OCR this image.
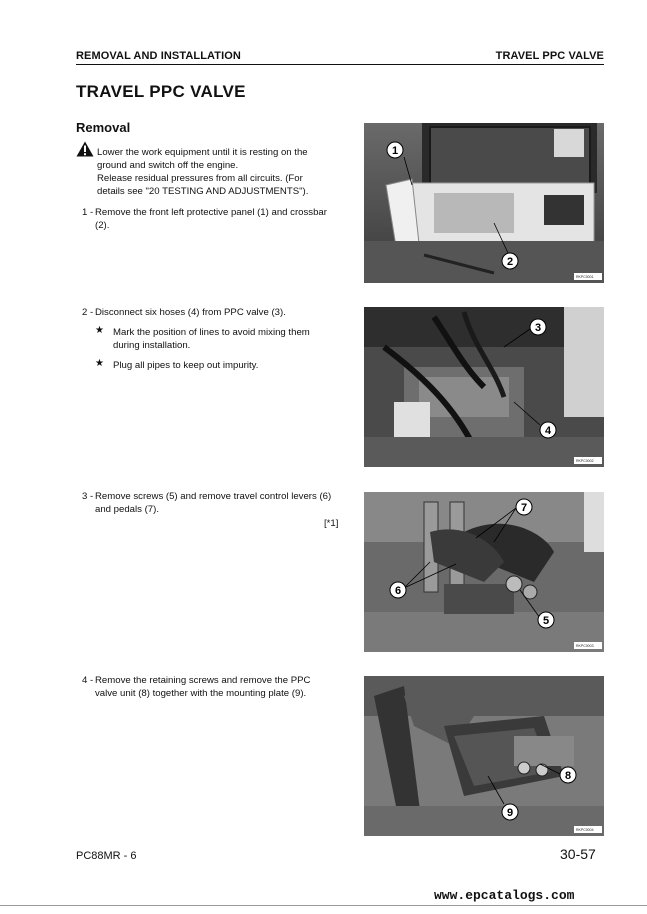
REMOVAL AND INSTALLATION	TRAVEL PPC VALVE
TRAVEL PPC VALVE
Removal
Lower the work equipment until it is resting on the
ground and switch off the engine.
Release residual pressures from all circuits. (For
details see "20 TESTING AND ADJUSTMENTS").
1 - Remove the front left protective panel (1) and crossbar
(2).
2 - Disconnect six hoses (4) from PPC valve (3).
★ Mark the position of lines to avoid mixing them
during installation.
★ Plug all pipes to keep out impurity.
3 - Remove screws (5) and remove travel control levers (6)
and pedals (7).
[*1]
4 - Remove the retaining screws and remove the PPC
valve unit (8) together with the mounting plate (9).
1
2
RKPC0001
3
4
RKPC0002
7
6
5
RKPC0003
8
9
RKPC0004
PC88MR - 6	30-57
www.epcatalogs.com
